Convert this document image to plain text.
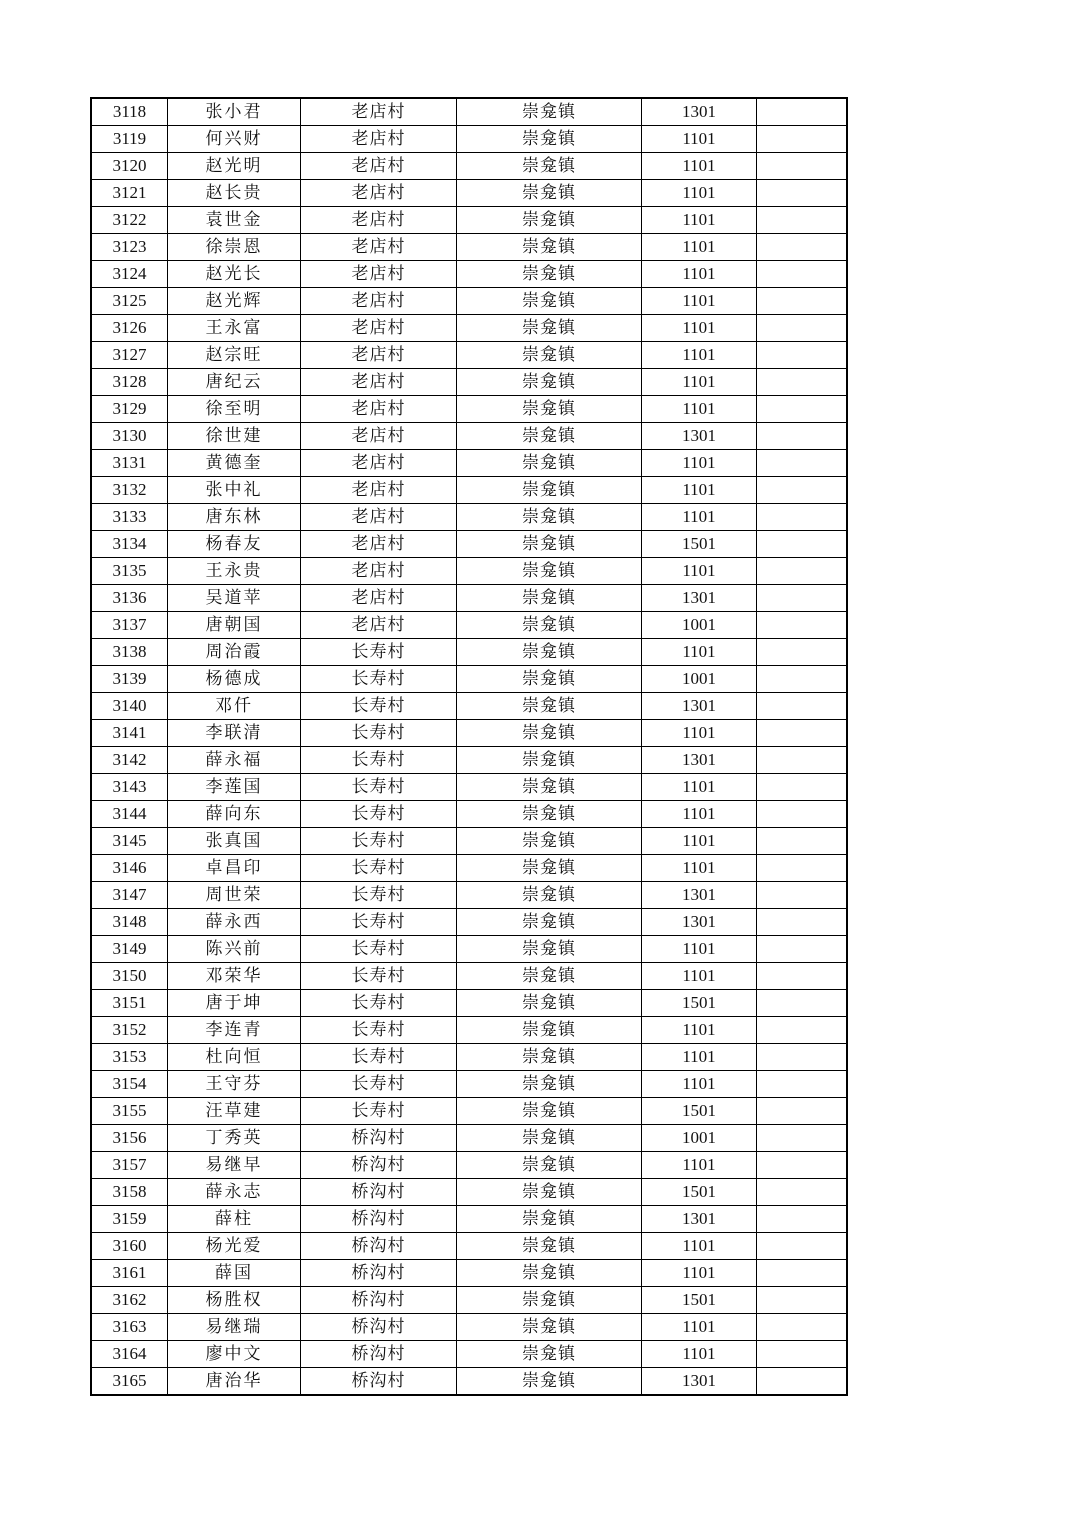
3118	张小君	老店村	崇龛镇	1301	
3119	何兴财	老店村	崇龛镇	1101	
3120	赵光明	老店村	崇龛镇	1101	
3121	赵长贵	老店村	崇龛镇	1101	
3122	袁世金	老店村	崇龛镇	1101	
3123	徐崇恩	老店村	崇龛镇	1101	
3124	赵光长	老店村	崇龛镇	1101	
3125	赵光辉	老店村	崇龛镇	1101	
3126	王永富	老店村	崇龛镇	1101	
3127	赵宗旺	老店村	崇龛镇	1101	
3128	唐纪云	老店村	崇龛镇	1101	
3129	徐至明	老店村	崇龛镇	1101	
3130	徐世建	老店村	崇龛镇	1301	
3131	黄德奎	老店村	崇龛镇	1101	
3132	张中礼	老店村	崇龛镇	1101	
3133	唐东林	老店村	崇龛镇	1101	
3134	杨春友	老店村	崇龛镇	1501	
3135	王永贵	老店村	崇龛镇	1101	
3136	吴道苹	老店村	崇龛镇	1301	
3137	唐朝国	老店村	崇龛镇	1001	
3138	周治霞	长寿村	崇龛镇	1101	
3139	杨德成	长寿村	崇龛镇	1001	
3140	邓仟	长寿村	崇龛镇	1301	
3141	李联清	长寿村	崇龛镇	1101	
3142	薛永福	长寿村	崇龛镇	1301	
3143	李莲国	长寿村	崇龛镇	1101	
3144	薛向东	长寿村	崇龛镇	1101	
3145	张真国	长寿村	崇龛镇	1101	
3146	卓昌印	长寿村	崇龛镇	1101	
3147	周世荣	长寿村	崇龛镇	1301	
3148	薛永西	长寿村	崇龛镇	1301	
3149	陈兴前	长寿村	崇龛镇	1101	
3150	邓荣华	长寿村	崇龛镇	1101	
3151	唐于坤	长寿村	崇龛镇	1501	
3152	李连青	长寿村	崇龛镇	1101	
3153	杜向恒	长寿村	崇龛镇	1101	
3154	王守芬	长寿村	崇龛镇	1101	
3155	汪草建	长寿村	崇龛镇	1501	
3156	丁秀英	桥沟村	崇龛镇	1001	
3157	易继早	桥沟村	崇龛镇	1101	
3158	薛永志	桥沟村	崇龛镇	1501	
3159	薛柱	桥沟村	崇龛镇	1301	
3160	杨光爱	桥沟村	崇龛镇	1101	
3161	薛国	桥沟村	崇龛镇	1101	
3162	杨胜权	桥沟村	崇龛镇	1501	
3163	易继瑞	桥沟村	崇龛镇	1101	
3164	廖中文	桥沟村	崇龛镇	1101	
3165	唐治华	桥沟村	崇龛镇	1301	
